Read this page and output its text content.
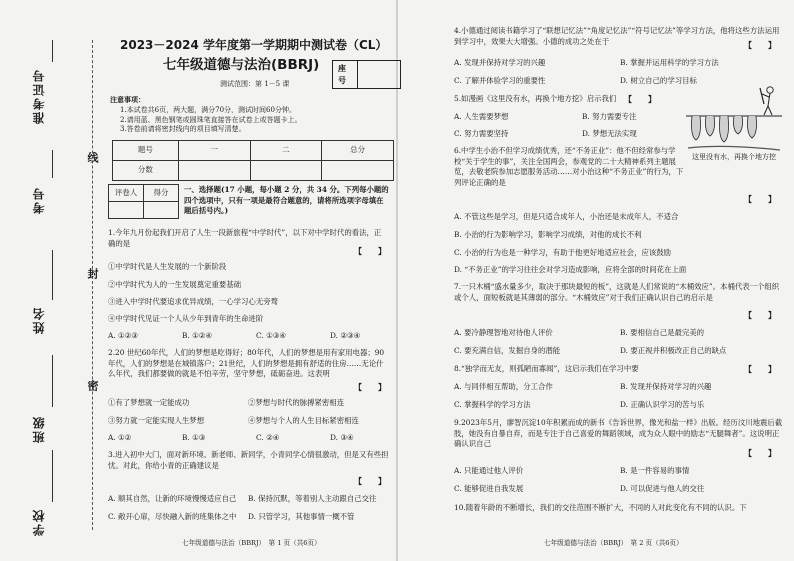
准考证号
考号
姓名
班级
学校
线
封
密
2023－2024 学年度第一学期期中测试卷（CL）
七年级道德与法治(BBRJ)	座号
测试范围：第 1－5 课
注意事项：
1.本试卷共6页，两大题，满分70分，测试时间60分钟。
2.请用蓝、黑色钢笔或圆珠笔直接答在试卷上或答题卡上。
3.答卷前请将密封线内的项目填写清楚。
题号	一	二	总分
分数			
评卷人	得分
	一、选择题(17 小题，每小题 2 分，共 34 分。下列每小题的四个选项中，只有一项是最符合题意的，请将所选项字母填在题后括号内。)
1.今年九月份起我们开启了人生一段新旅程“中学时代”，以下对中学时代的看法，正确的是
【　　】
①中学时代是人生发展的一个新阶段
②中学时代为人的一生发展奠定重要基础
③进入中学时代要追求优异成绩，一心学习心无旁骛
④中学时代见证一个人从少年到青年的生命进阶
A. ①②③	B. ①②④	C. ①③④	D. ②③④
2.20 世纪60年代，人们的梦想是吃得好；80年代，人们的梦想是用有家用电器；90年代，人们的梦想是在城镇落户；21世纪，人们的梦想是拥有舒适的住房……无论什么年代，我们都要做的就是不怕辛劳，坚守梦想，砥砺奋进。这表明
【　　】
①有了梦想就一定能成功	②梦想与时代的脉搏紧密相连
③努力就一定能实现人生梦想	④梦想与个人的人生目标紧密相连
A. ①②	B. ①③	C. ②④	D. ③④
3.进入初中大门，面对新环境、新老师、新同学，小青同学心情很激动，但是又有些担忧。对此，你给小青的正确建议是
【　　】
A. 顺其自然，让新的环境慢慢适应自己 B. 保持沉默，等着别人主动跟自己交往
C. 敞开心扉，尽快融入新的班集体之中 D. 只管学习，其他事情一概不管
七年级道德与法治（BBRJ）　第 1 页（共6页）
4.小德通过阅读书籍学习了“联想记忆法”“角度记忆法”“符号记忆法”等学习方法，他将这些方法运用到学习中，效果大大增强。小德的成功之处在于	【　　】
A. 发现并保持对学习的兴趣	B. 掌握并运用科学的学习方法
C. 了解并体验学习的重要性	D. 树立自己的学习目标
5.如漫画《这里没有水，再换个地方挖》启示我们 【　　】
A. 人生需要梦想	B. 努力需要专注
C. 努力需要坚持	D. 梦想无法实现
这里没有水，再换个地方挖
6.中学生小治不但学习成绩优秀，还“不务正业”：他不但经常参与学校“关于学生的事”，关注全国两会，参观党的二十大精神系列主题展览，去敬老院参加志愿服务活动……对小治这种“不务正业”的行为，下列评论正确的是
【　　】
A. 不管这些是学习，但是只适合成年人，小治还是未成年人，不适合
B. 小治的行为影响学习，影响学习成绩，对他的成长不利
C. 小治的行为也是一种学习，有助于他更好地适应社会，应该鼓励
D. “不务正业”的学习往往会对学习造成影响，应将全部的时间花在上面
7.一只木桶“盛水量多少，取决于那块最短的板”，这就是人们常说的“木桶效应”。本桶代表一个组织或个人，面短板就是其薄弱的部分。“木桶效应”对于我们正确认识自己的启示是
【　　】
A. 要冷静理智地对待他人评价	B. 要相信自己是最完美的
C. 要充满自信，发掘自身的潜能	D. 要正视并积极改正自己的缺点
8.“独学而无友，则孤陋而寡闻”，这启示我们在学习中要	【　　】
A. 与同伴相互帮助，分工合作	B. 发现并保持对学习的兴趣
C. 掌握科学的学习方法	D. 正确认识学习的苦与乐
9.2023年5月，廖智沉淀10年积累而成的新书《告诉世界，像光和盐一样》出版。经历汶川地震后截肢，她没有自暴自弃，而是专注于自己喜爱的舞蹈领域，成为众人眼中的励志“无腿舞者”。这说明正确认识自己
【　　】
A. 只能通过他人评价	B. 是一件容易的事情
C. 能够促进自我发展	D. 可以促进与他人的交往
10.随着年龄的不断增长，我们的交往范围不断扩大，不同的人对此变化有不同的认识。下
七年级道德与法治（BBRJ）　第 2 页（共6页）
